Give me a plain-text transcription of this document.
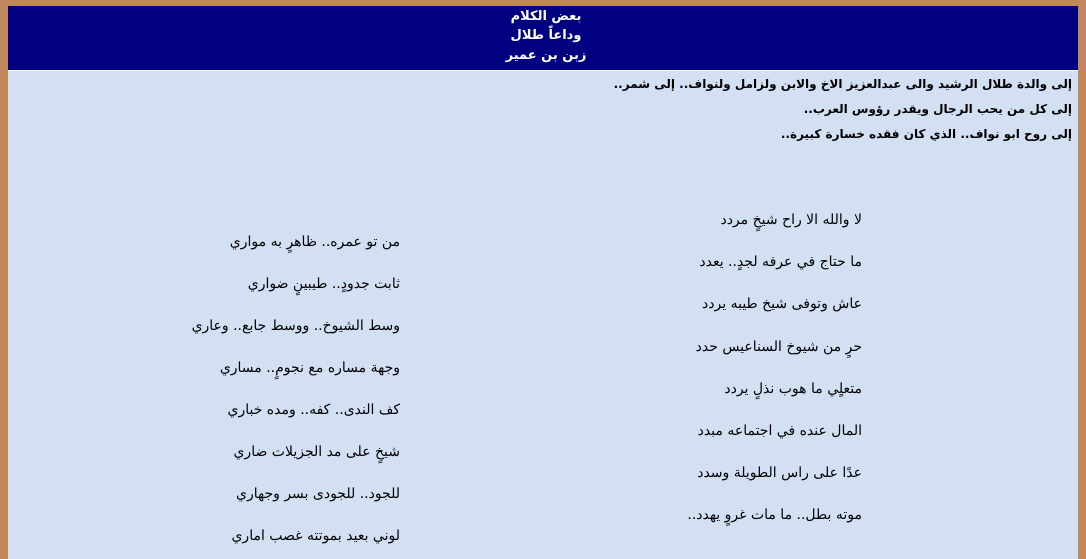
بعض الكلام
وداعاً طلال
زبن بن عمير
إلى والدة طلال الرشيد والى عبدالعزيز الاخ والابن ولزامل ولنواف.. إلى شمر..
إلى كل من يحب الرجال ويقدر رؤوس العرب..
إلى روح ابو نواف.. الذي كان فقده خسارة كبيرة..
لا والله الا راح شيخٍ مردد
ما حتاج في عرفه لجدٍ.. يعدد
عاش وتوفى شيخ طيبه يردد
حرٍ من شيوخ السناعيس حدد
متعلٍي ما هوب نذلٍ يردد
المال عنده في اجتماعه مبدد
عدًا على راس الطويلة وسدد
موته بطل.. ما مات غروٍ يهدد..
من تو عمره.. ظاهرٍ به مواري
ثابت جدودٍ.. طيبينٍ ضواري
وسط الشيوخ.. ووسط جابع.. وعاري
وجهة مساره مع نجومٍ.. مساري
كف الندى.. كفه.. ومده خباري
شيخٍ على مد الجزيلات ضاري
للجود.. للجودى بسر وجهاري
لوني بعيد بموتته غصب اماري
